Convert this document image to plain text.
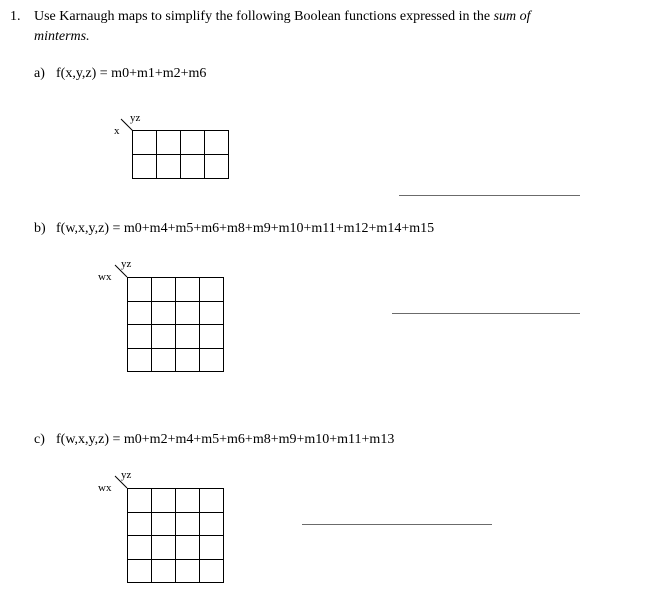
1. Use Karnaugh maps to simplify the following Boolean functions expressed in the sum of
minterms.
a) f(x,y,z) = m0+m1+m2+m6
yz
x

b) f(w,x,y,z) = m0+m4+m5+m6+m8+m9+m10+m11+m12+m14+m15
yz
wx

c) f(w,x,y,z) = m0+m2+m4+m5+m6+m8+m9+m10+m11+m13
yz
wx
